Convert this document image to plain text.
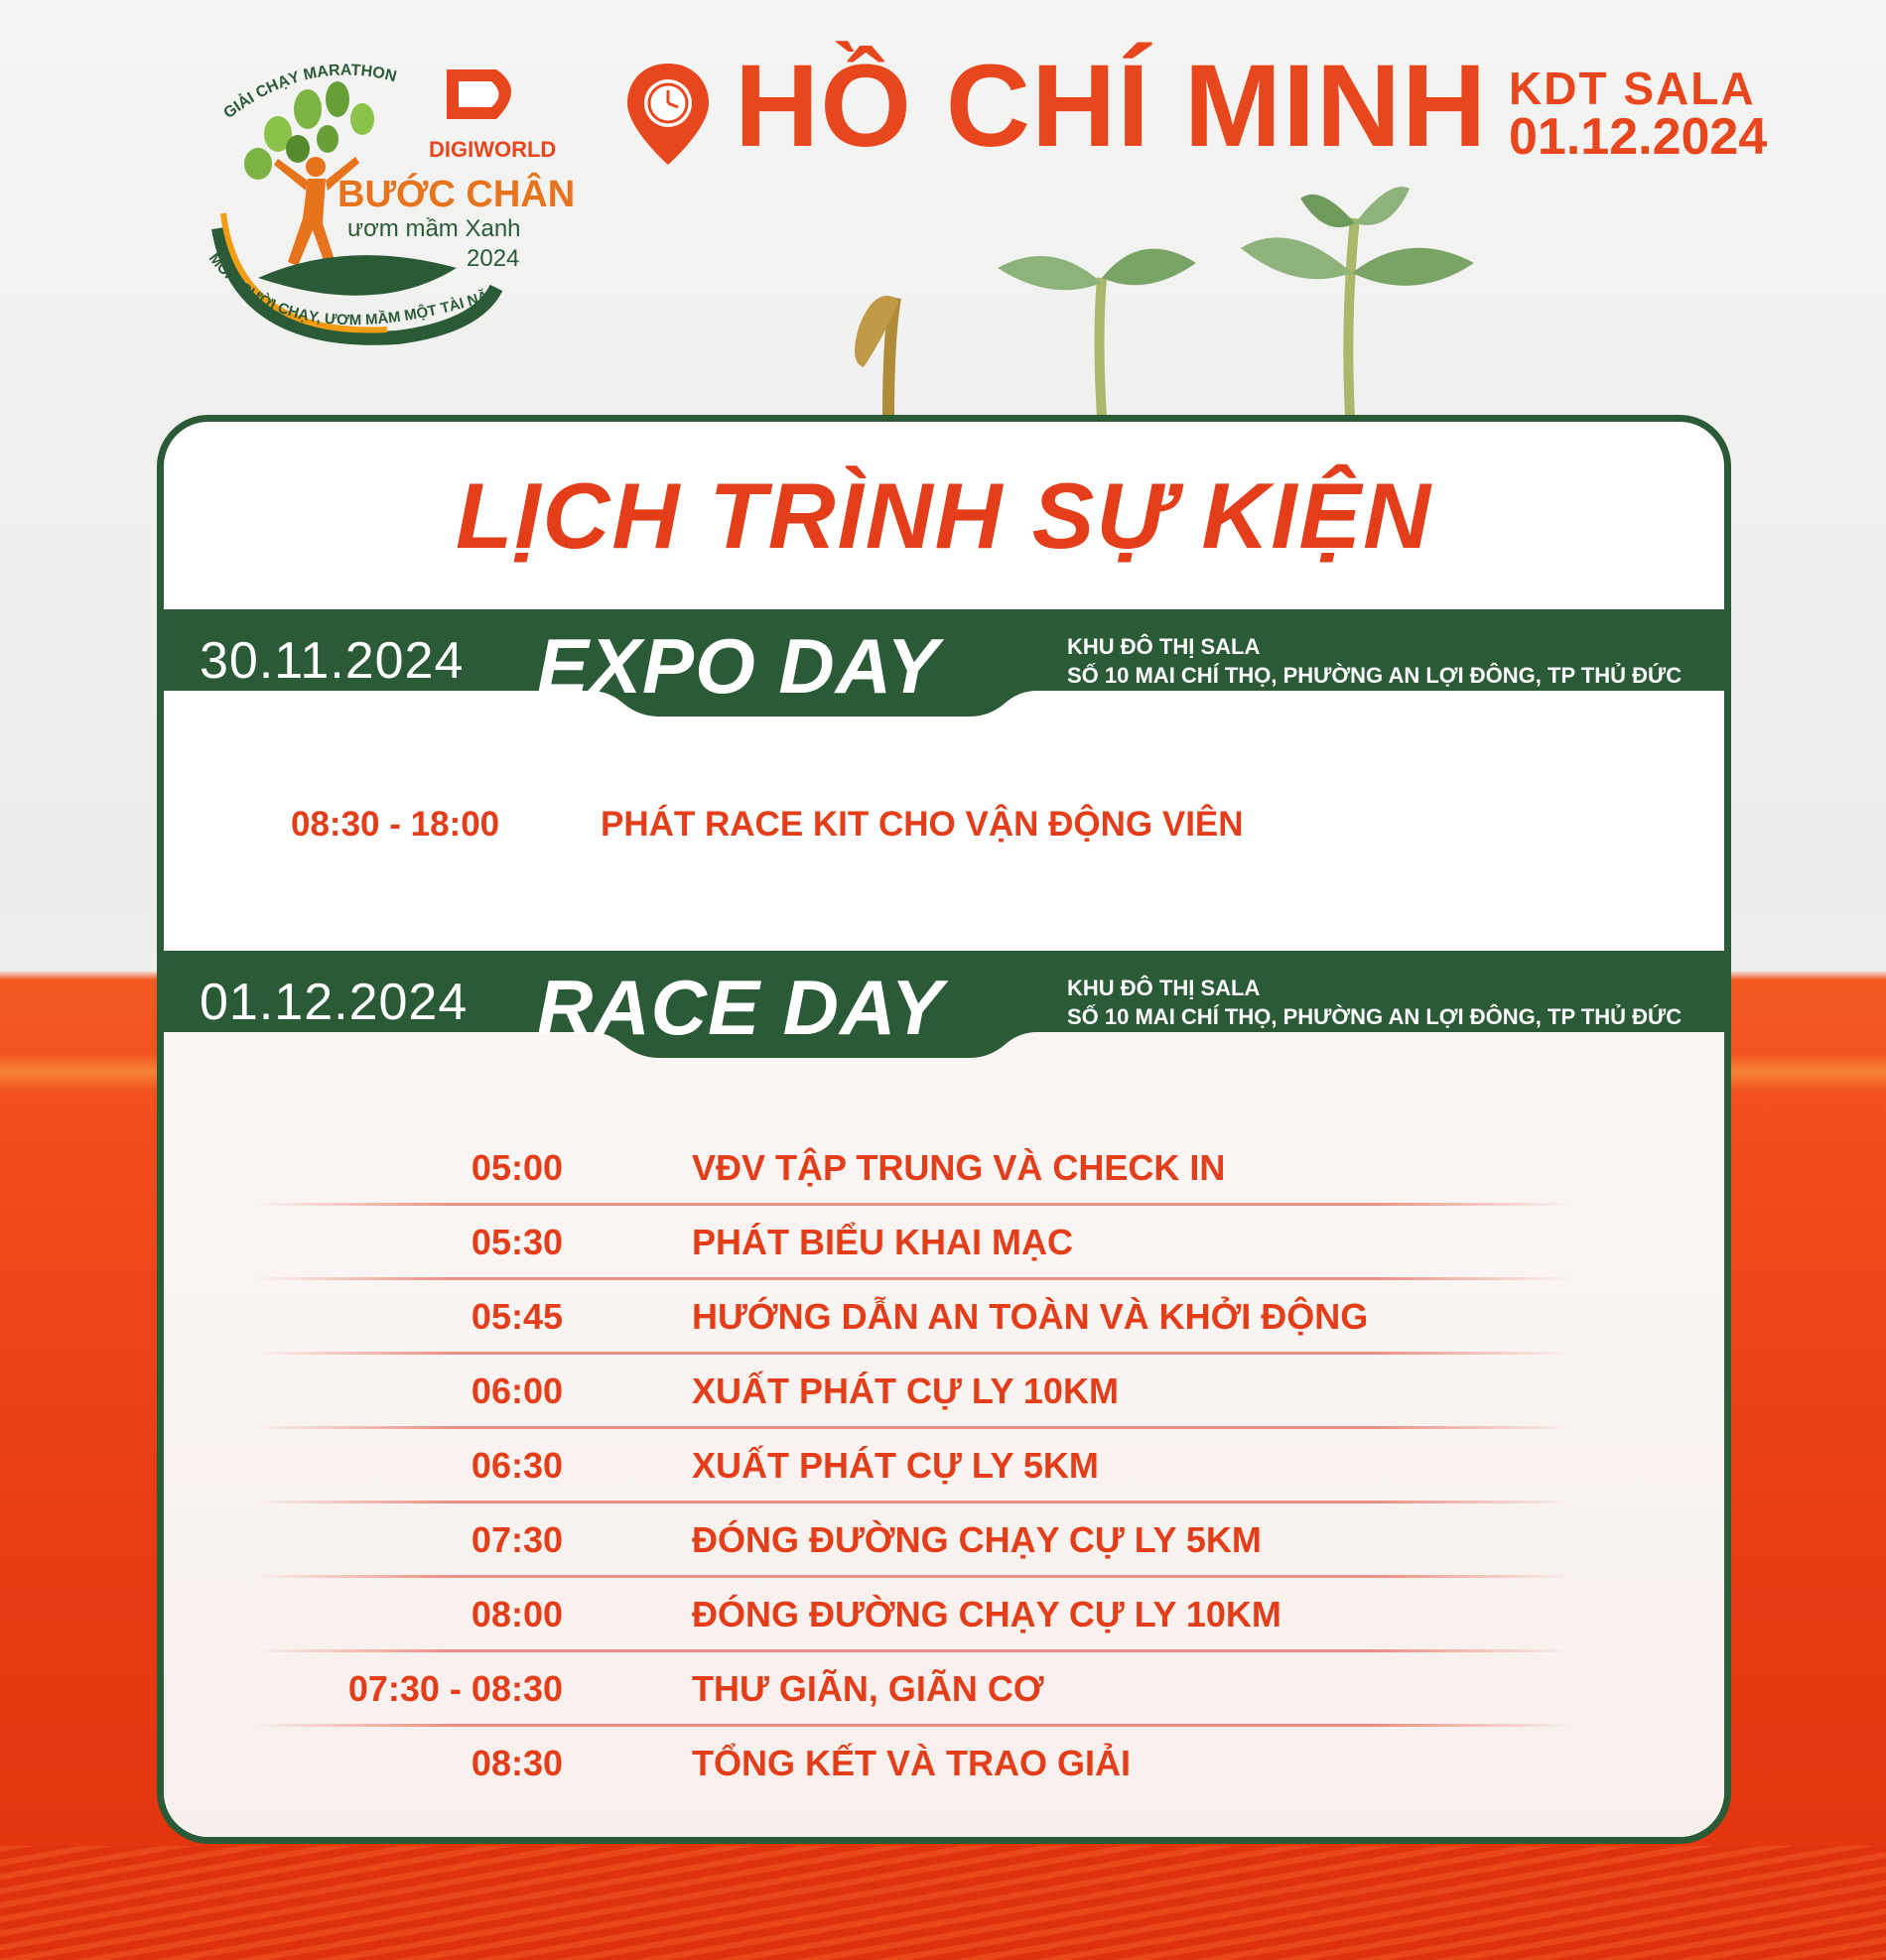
GIẢI CHẠY MARATHON
DIGIWORLD
BƯỚC CHÂN
ươm mầm Xanh
2024
MỖI NGƯỜI CHẠY, ƯƠM MẦM MỘT TÀI NĂN
HỒ CHÍ MINH KDT SALA
01.12.2024
LỊCH TRÌNH SỰ KIỆN
30.11.2024 EXPO DAY	KHU ĐÔ THỊ SALA
SỐ 10 MAI CHÍ THỌ, PHƯỜNG AN LỢI ĐÔNG, TP THỦ ĐỨC
08:30 - 18:00	PHÁT RACE KIT CHO VẬN ĐỘNG VIÊN
01.12.2024 RACE DAY	KHU ĐÔ THỊ SALA
SỐ 10 MAI CHÍ THỌ, PHƯỜNG AN LỢI ĐÔNG, TP THỦ ĐỨC
05:00	VĐV TẬP TRUNG VÀ CHECK IN
05:30	PHÁT BIỂU KHAI MẠC
05:45	HƯỚNG DẪN AN TOÀN VÀ KHỞI ĐỘNG
06:00	XUẤT PHÁT CỰ LY 10KM
06:30	XUẤT PHÁT CỰ LY 5KM
07:30	ĐÓNG ĐƯỜNG CHẠY CỰ LY 5KM
08:00	ĐÓNG ĐƯỜNG CHẠY CỰ LY 10KM
07:30 - 08:30	THƯ GIÃN, GIÃN CƠ
08:30	TỔNG KẾT VÀ TRAO GIẢI
